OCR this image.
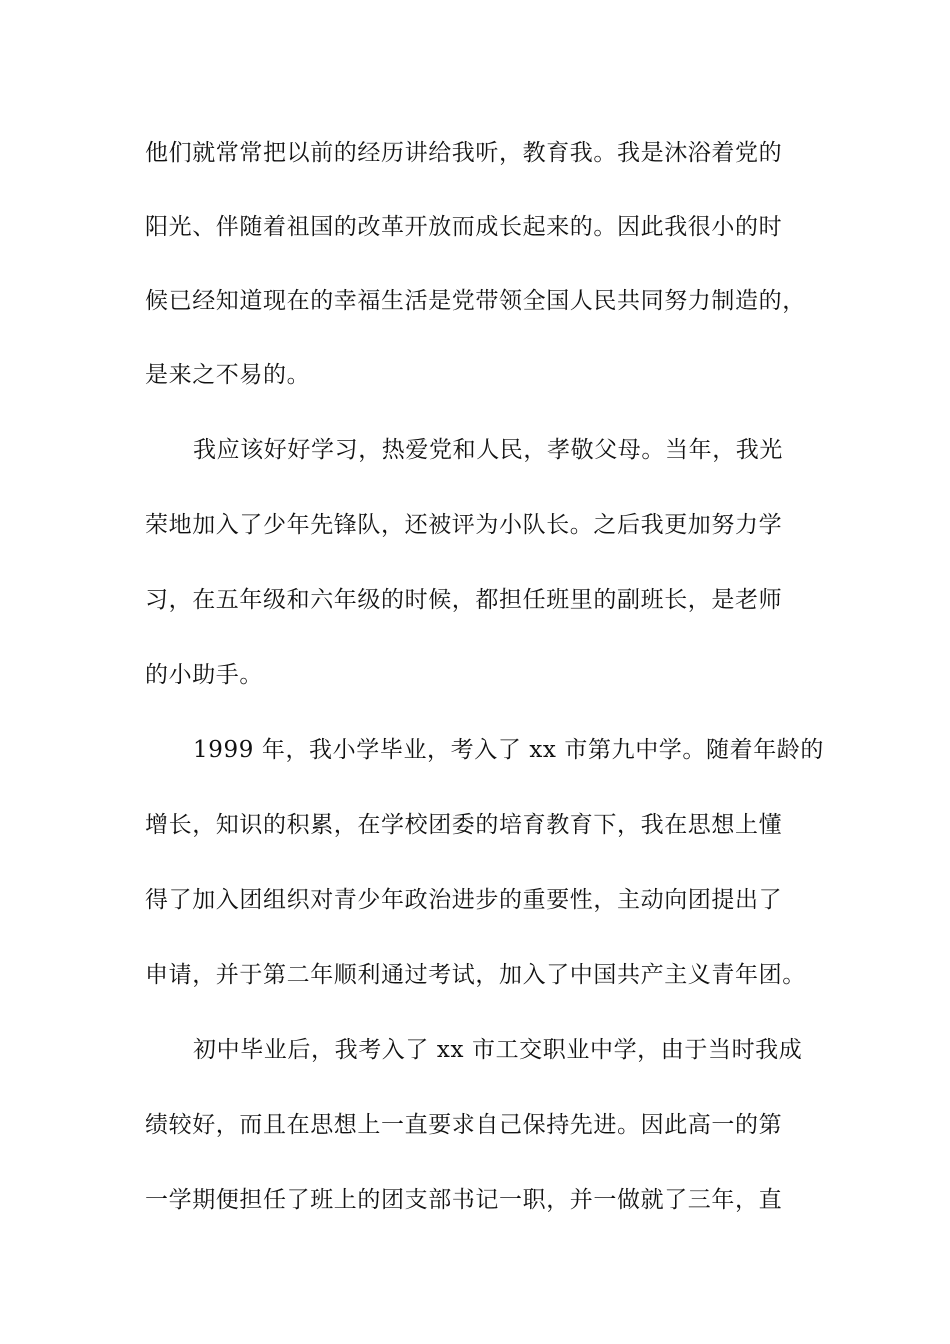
他们就常常把以前的经历讲给我听，教育我。我是沐浴着党的
阳光、伴随着祖国的改革开放而成长起来的。因此我很小的时
候已经知道现在的幸福生活是党带领全国人民共同努力制造的，
是来之不易的。
我应该好好学习，热爱党和人民，孝敬父母。当年，我光
荣地加入了少年先锋队，还被评为小队长。之后我更加努力学
习，在五年级和六年级的时候，都担任班里的副班长，是老师
的小助手。
1999 年，我小学毕业，考入了 xx 市第九中学。随着年龄的
增长，知识的积累，在学校团委的培育教育下，我在思想上懂
得了加入团组织对青少年政治进步的重要性，主动向团提出了
申请，并于第二年顺利通过考试，加入了中国共产主义青年团。
初中毕业后，我考入了 xx 市工交职业中学，由于当时我成
绩较好，而且在思想上一直要求自己保持先进。因此高一的第
一学期便担任了班上的团支部书记一职，并一做就了三年，直
